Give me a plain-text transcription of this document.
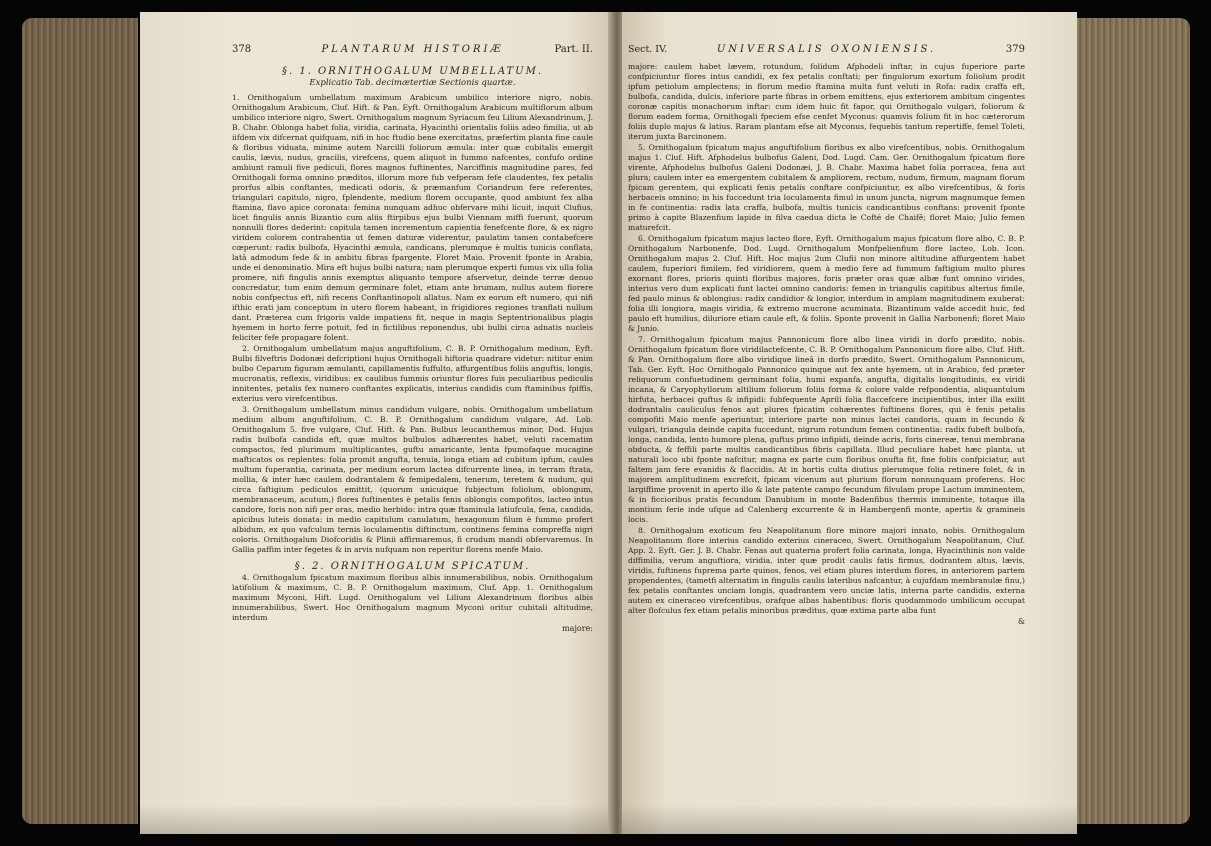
378	PLANTARUM HISTORIÆ	Part. II.
§. 1. ORNITHOGALUM UMBELLATUM.
Explicatio Tab. decimætertiæ Sectionis quartæ.

1. Ornithogalum umbellatum maximum Arabicum umbilico interiore nigro, nobis. Ornithogalum Arabicum, Cluf. Hift. & Pan. Eyft. Ornithogalum Arabicum multiflorum album umbilico interiore nigro, Swert. Ornithogalum magnum Syriacum feu Lilium Alexandrinum, J. B. Chabr. Oblonga habet folia, viridia, carinata, Hyacinthi orientalis foliis adeo fimilia, ut ab iifdem vix difcernat quifquam, nifi in hoc ftudio bene exercitatus, præfertim planta fine caule & floribus viduata, minime autem Narcilli foliorum æmula: inter quæ cubitalis emergit caulis, lævis, nudus, gracilis, virefcens, quem aliquot in fummo nafcentes, confufo ordine ambiunt ramuli five pediculi, flores magnos fuftinentes, Narciffinis magnitudine pares, fed Ornithogali forma omnino præditos, illorum more fub vefperam fefe claudentes, fex petalis prorfus albis conftantes, medicati odoris, & præmanfum Coriandrum fere referentes, triangulari capitulo, nigro, fplendente, medium florem occupante, quod ambiunt fex alba ftamina, flavo apice coronata: femina nunquam adhuc obfervare mihi licuit, inquit Clufius, licet fingulis annis Bizantio cum aliis ftirpibus ejus bulbi Viennam miffi fuerunt, quorum nonnulli flores dederint: capitula tamen incrementum capientia fenefcente flore, & ex nigro viridem colorem contrahentia ut femen daturæ viderentur, paulatim tamen contabefcere cœperunt: radix bulbofa, Hyacinthi æmula, candicans, plerumque è multis tunicis conflata, latâ admodum fede & in ambitu fibras fpargente. Floret Maio. Provenit fponte in Arabia, unde ei denominatio. Mira eft hujus bulbi natura; nam plerumque experti fumus vix ulla folia promere, nifi fingulis annis exemptus aliquanto tempore afservetur, deinde terræ denuo concredatur, tum enim demum germinare folet, etiam ante brumam, nullus autem florere nobis confpectus eft, nifi recens Conftantinopoli allatus. Nam ex eorum eft numero, qui nifi ifthic erati jam conceptum in utero florem habeant, in frigidiores regiones tranflati nullum dant. Præterea cum frigoris valde impatiens fit, neque in magis Septentrionalibus plagis hyemem in horto ferre potuit, fed in fictilibus reponendus, ubi bulbi circa adnatis nucleis feliciter fefe propagare folent.

2. Ornithogalum umbellatum majus anguftifolium, C. B. P. Ornithogalum medium, Eyft. Bulbi filveftris Dodonæi defcriptioni hujus Ornithogali hiftoria quadrare videtur: nititur enim bulbo Ceparum figuram æmulanti, capillamentis fuffulto, affurgentibus foliis anguftis, longis, mucronatis, reflexis, viridibus: ex caulibus fummis oriuntur flores fuis peculiaribus pediculis innitentes, petalis fex numero conftantes explicatis, interius candidis cum ftaminibus fpiffis, exterius vero virefcentibus.

3. Ornithogalum umbellatum minus candidum vulgare, nobis. Ornithogalum umbellatum medium album anguftifolium, C. B. P. Ornithogalum candidum vulgare, Ad. Lob. Ornithogalum 5. five vulgare, Cluf. Hift. & Pan. Bulbus leucanthemus minor, Dod. Hujus radix bulbofa candida eft, quæ multos bulbulos adhærentes habet, veluti racematim compactos, fed plurimum multiplicantes, guftu amaricante, lenta fpumofaque mucagine mafticatos os replentes: folia promit angufta, tenuia, longa etiam ad cubitum ipfum, caules multum fuperantia, carinata, per medium eorum lactea difcurrente linea, in terram ftrata, mollia, & inter hæc caulem dodrantalem & femipedalem, tenerum, teretem & nudum, qui circa faftigium pediculos emittit, (quorum unicuique fubjectum foliolum, oblongum, membranaceum, acutum,) flores fuftinentes è petalis fenis oblongis compofitos, lacteo intus candore, foris non nifi per oras, medio herbido: intra quæ ftaminula latiufcula, fena, candida, apicibus luteis donata: in medio capitulum canulatum, hexagonum filum è fummo profert albidum, ex quo vafculum ternis loculamentis diftinctum, continens femina compreffa nigri coloris. Ornithogalum Diofcoridis & Plinii affirmaremus, fi crudum mandi obfervaremus. In Gallia paffim inter fegetes & in arvis nufquam non reperitur florens menfe Maio.

§. 2. ORNITHOGALUM SPICATUM.

4. Ornithogalum fpicatum maximum floribus albis innumerabilibus, nobis. Ornithogalum latifolium & maximum, C. B. P. Ornithogalum maximum, Cluf. App. 1. Ornithogalum maximum Myconi, Hift. Lugd. Ornithogalum vel Lilium Alexandrinum floribus albis innumerabilibus, Swert. Hoc Ornithogalum magnum Myconi oritur cubitali altitudine, interdum

majore:
Sect. IV.	UNIVERSALIS OXONIENSIS.	379

majore: caulem habet lævem, rotundum, folidum Afphodeli inftar, in cujus fuperiore parte confpiciuntur flores intus candidi, ex fex petalis conftati; per fingulorum exortum foliolum prodit ipfum petiolum amplectens; in florum medio ftamina multa funt veluti in Rofa: radix craffa eft, bulbofa, candida, dulcis, inferiore parte fibras in orbem emittens, ejus exteriorem ambitum cingentes coronæ capitis monachorum inftar: cum idem huic fit fapor, qui Ornithogalo vulgari, foliorum & florum eadem forma, Ornithogali fpeciem efse cenfet Myconus: quamvis folium fit in hoc cæterorum foliis duplo majus & latius. Raram plantam efse ait Myconus, fequebis tantum repertiffe, femel Toleti, iterum juxta Barcinonem.

5. Ornithogalum fpicatum majus anguftifolium floribus ex albo virefcentibus, nobis. Ornithogalum majus 1. Cluf. Hift. Afphodelus bulbofus Galeni, Dod. Lugd. Cam. Ger. Ornithogalum fpicatum flore virente, Afphodelus bulbofus Galeni Dodonæi, J. B. Chabr. Maxima habet folia porracea, fena aut plura; caulem inter ea emergentem cubitalem & ampliorem, rectum, nudum, firmum, magnam florum fpicam gerentem, qui explicati fenis petalis conftare confpiciuntur, ex albo virefcentibus, & foris herbaceis omnino; in his fuccedunt tria loculamenta fimul in unum juncta, nigrum magnumque femen in fe continentia: radix lata craffa, bulbofa, multis tunicis candicantibus conftans: provenit fponte primo à capite Blazenfium lapide in filva caedua dicta le Cofté de Chaifê; floret Maio; Julio femen maturefcit.

6. Ornithogalum fpicatum majus lacteo flore, Eyft. Ornithogalum majus fpicatum flore albo, C. B. P. Ornithogalum Narbonenfe, Dod. Lugd. Ornithogalum Monfpelienfium flore lacteo, Lob. Icon. Ornithogalum majus 2. Cluf. Hift. Hoc majus 2um Clufii non minore altitudine affurgentem habet caulem, fuperiori fimilem, fed viridiorem, quem à medio fere ad fummum faftigium multo plures exornant flores, prioris quinti floribus majores, foris præter oras quæ albæ funt omnino virides, interius vero dum explicati funt lactei omnino candoris: femen in triangulis capitibus alterius fimile, fed paulo minus & oblongius: radix candidior & longior, interdum in amplam magnitudinem exuberat: folia illi longiora, magis viridia, & extremo mucrone acuminata. Bizantinum valde accedit huic, fed paulo eft humilius, diluriore etiam caule eft, & foliis. Sponte provenit in Gallia Narbonenfi; floret Maio & Junio.

7. Ornithogalum fpicatum majus Pannonicum flore albo linea viridi in dorfo prædito, nobis. Ornithogalum fpicatum flore viridilactefcente, C. B. P. Ornithogalum Pannonicum flore albo, Cluf. Hift. & Pan. Ornithogalum flore albo viridique lineâ in dorfo prædito, Swert. Ornithogalum Pannonicum, Tab. Ger. Eyft. Hoc Ornithogalo Pannonico quinque aut fex ante hyemem, ut in Arabico, fed præter reliquorum confuetudinem germinant folia, humi expanfa, angufta, digitalis longitudinis, ex viridi incana, & Caryophyllorum altilium foliorum foliis forma & colore valde refpondentia, aliquantulum hirfuta, herbacei guftus & infipidi: fubfequente Aprili folia flaccefcere incipientibus, inter illa exilit dodrantalis cauliculus fenos aut plures fpicatim cohærentes fuftinens flores, qui è fenis petalis compofiti Maio menfe aperiuntur, interiore parte non minus lactei candoris, quam in fecundo & vulgari, triangula deinde capita fuccedunt, nigrum rotundum femen continentia: radix fubeft bulbofa, longa, candida, lento humore plena, guftus primo infipidi, deinde acris, foris cinereæ, tenui membrana obducta, & feffili parte multis candicantibus fibris capillata. Illud peculiare habet hæc planta, ut naturali loco ubi fponte nafcitur, magna ex parte cum floribus onufta fit, fine foliis confpiciatur, aut faltem jam fere evanidis & flaccidis. At in hortis culta diutius plerumque folia retinere folet, & in majorem amplitudinem excrefcit, fpicam vicenum aut plurium florum nonnunquam proferens. Hoc largiffime provenit in aperto illo & late patente campo fecundum filvulam prope Lactum imminentem, & in ficcioribus pratis fecundum Danubium in monte Badenfibus thermis imminente, totaque illa montium ferie inde ufque ad Calenberg excurrente & in Hambergenfi monte, apertis & gramineis locis.

8. Ornithogalum exoticum feu Neapolitanum flore minore majori innato, nobis. Ornithogalum Neapolitanum flore interius candido exterius cineraceo, Swert. Ornithogalum Neapolitanum, Cluf. App. 2. Eyft. Ger. J. B. Chabr. Fenas aut quaterna profert folia carinata, longa, Hyacinthinis non valde diffimilia, verum anguftiora, viridia, inter quæ prodit caulis fatis firmus, dodrantem altus, lævis, viridis, fuftinens fuprema parte quinos, fenos, vel etiam plures interdum flores, in anteriorem partem propendentes, (tametfi alternatim in fingulis caulis lateribus nafcantur, à cujufdam membranulæ finu,) fex petalis conftantes unciam longis, quadrantem vero unciæ latis, interna parte candidis, externa autem ex cineraceo virefcentibus, orafque albas habentibus: floris quodammodo umbilicum occupat alter flofculus fex etiam petalis minoribus præditus, quæ extima parte alba funt

&
